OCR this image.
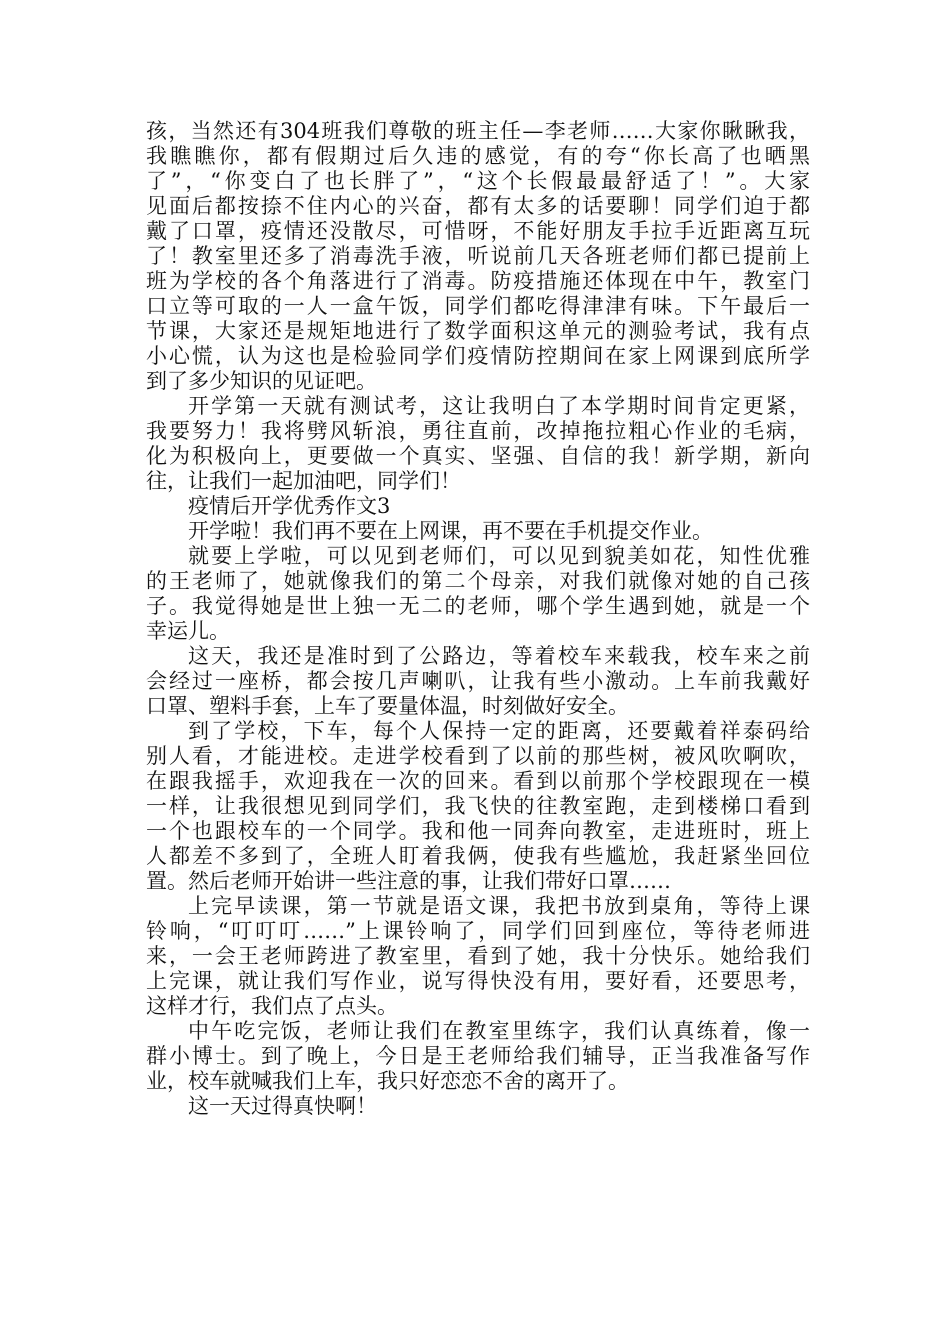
孩，当然还有304班我们尊敬的班主任—李老师……大家你瞅瞅我，
我瞧瞧你，都有假期过后久违的感觉，有的夸“你长高了也晒黑
了”，“你变白了也长胖了”，“这个长假最最舒适了！”。大家
见面后都按捺不住内心的兴奋，都有太多的话要聊！同学们迫于都
戴了口罩，疫情还没散尽，可惜呀，不能好朋友手拉手近距离互玩
了！教室里还多了消毒洗手液，听说前几天各班老师们都已提前上
班为学校的各个角落进行了消毒。防疫措施还体现在中午，教室门
口立等可取的一人一盒午饭，同学们都吃得津津有味。下午最后一
节课，大家还是规矩地进行了数学面积这单元的测验考试，我有点
小心慌，认为这也是检验同学们疫情防控期间在家上网课到底所学
到了多少知识的见证吧。

开学第一天就有测试考，这让我明白了本学期时间肯定更紧，
我要努力！我将劈风斩浪，勇往直前，改掉拖拉粗心作业的毛病，
化为积极向上，更要做一个真实、坚强、自信的我！新学期，新向
往，让我们一起加油吧，同学们！

疫情后开学优秀作文3

开学啦！我们再不要在上网课，再不要在手机提交作业。

就要上学啦，可以见到老师们，可以见到貌美如花，知性优雅
的王老师了，她就像我们的第二个母亲，对我们就像对她的自己孩
子。我觉得她是世上独一无二的老师，哪个学生遇到她，就是一个
幸运儿。

这天，我还是准时到了公路边，等着校车来载我，校车来之前
会经过一座桥，都会按几声喇叭，让我有些小激动。上车前我戴好
口罩、塑料手套，上车了要量体温，时刻做好安全。

到了学校，下车，每个人保持一定的距离，还要戴着祥泰码给
别人看，才能进校。走进学校看到了以前的那些树，被风吹啊吹，
在跟我摇手，欢迎我在一次的回来。看到以前那个学校跟现在一模
一样，让我很想见到同学们，我飞快的往教室跑，走到楼梯口看到
一个也跟校车的一个同学。我和他一同奔向教室，走进班时，班上
人都差不多到了，全班人盯着我俩，使我有些尴尬，我赶紧坐回位
置。然后老师开始讲一些注意的事，让我们带好口罩……

上完早读课，第一节就是语文课，我把书放到桌角，等待上课
铃响，“叮叮叮……”上课铃响了，同学们回到座位，等待老师进
来，一会王老师跨进了教室里，看到了她，我十分快乐。她给我们
上完课，就让我们写作业，说写得快没有用，要好看，还要思考，
这样才行，我们点了点头。

中午吃完饭，老师让我们在教室里练字，我们认真练着，像一
群小博士。到了晚上，今日是王老师给我们辅导，正当我准备写作
业，校车就喊我们上车，我只好恋恋不舍的离开了。

这一天过得真快啊！
